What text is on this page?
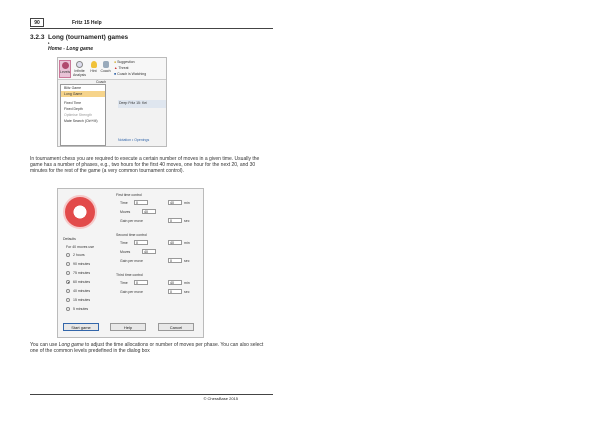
90	Fritz 15 Help
3.2.3 Long (tournament) games
▸
Home - Long game
Levels	Infinite Analysis
Hint	Coach
● Suggestion
▲ Threat
■ Coach is Watching
Coach
Blitz Game
Long Game
Fixed Time
Fixed Depth
Optimise Strength
Mate Search (Ctrl+M)
Deep Fritz 15: Kei
Notation • Openings
In tournament chess you are required to execute a certain number of moves in a given time. Usually the game has a number of phases, e.g., two hours for the first 40 moves, one hour for the next 20, and 30 minutes for the rest of the game (a very common tournament control).
First time control
Time	0	40	min
Moves	40
Gain per move	0	sec
Second time control
Time	0	40	min
Moves	40
Gain per move	0	sec
Third time control
Time	0	40	min
Gain per move	0	sec
Defaults
For 40 moves use
2 hours
90 minutes
75 minutes
60 minutes
40 minutes
15 minutes
5 minutes
Start game	Help	Cancel
You can use Long game to adjust the time allocations or number of moves per phase. You can also select one of the common levels predefined in the dialog box
© ChessBase 2015
